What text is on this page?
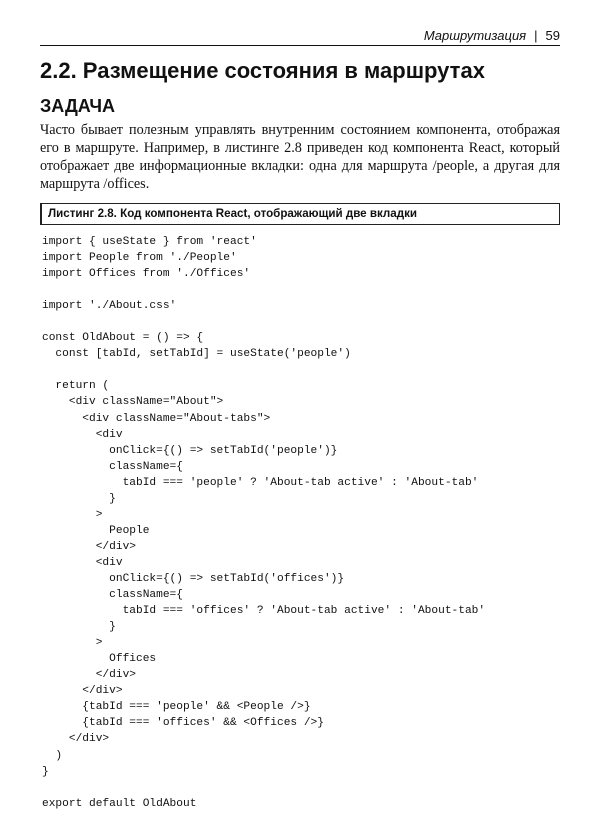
Маршрутизация | 59
2.2. Размещение состояния в маршрутах
ЗАДАЧА

Часто бывает полезным управлять внутренним состоянием компонента, отображая его в маршруте. Например, в листинге 2.8 приведен код компонента React, который отображает две информационные вкладки: одна для маршрута /people, а другая для маршрута /offices.

Листинг 2.8. Код компонента React, отображающий две вкладки
import { useState } from 'react'
import People from './People'
import Offices from './Offices'
import './About.css'
const OldAbout = () => {
const [tabId, setTabId] = useState('people')
return (
<div className="About">
<div className="About-tabs">
<div
onClick={() => setTabId('people')}
className={
tabId === 'people' ? 'About-tab active' : 'About-tab'
}
>
People
</div>
<div
onClick={() => setTabId('offices')}
className={
tabId === 'offices' ? 'About-tab active' : 'About-tab'
}
>
Offices
</div>
</div>
{tabId === 'people' && <People />}
{tabId === 'offices' && <Offices />}
</div>
)
}
export default OldAbout
